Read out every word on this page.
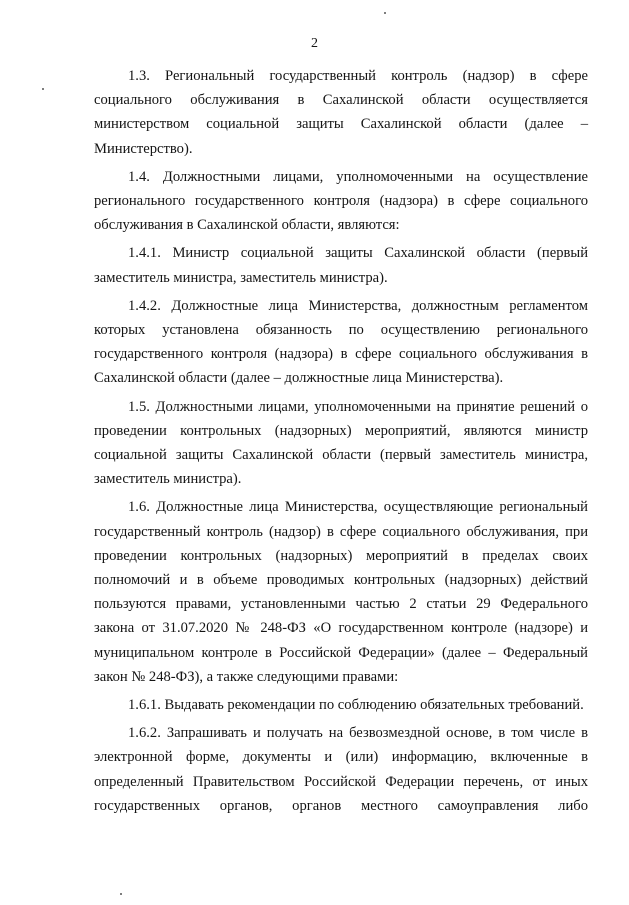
2

1.3. Региональный государственный контроль (надзор) в сфере социального обслуживания в Сахалинской области осуществляется министерством социальной защиты Сахалинской области (далее – Министерство).

1.4. Должностными лицами, уполномоченными на осуществление регионального государственного контроля (надзора) в сфере социального обслуживания в Сахалинской области, являются:

1.4.1. Министр социальной защиты Сахалинской области (первый заместитель министра, заместитель министра).

1.4.2. Должностные лица Министерства, должностным регламентом которых установлена обязанность по осуществлению регионального государственного контроля (надзора) в сфере социального обслуживания в Сахалинской области (далее – должностные лица Министерства).

1.5. Должностными лицами, уполномоченными на принятие решений о проведении контрольных (надзорных) мероприятий, являются министр социальной защиты Сахалинской области (первый заместитель министра, заместитель министра).

1.6. Должностные лица Министерства, осуществляющие региональный государственный контроль (надзор) в сфере социального обслуживания, при проведении контрольных (надзорных) мероприятий в пределах своих полномочий и в объеме проводимых контрольных (надзорных) действий пользуются правами, установленными частью 2 статьи 29 Федерального закона от 31.07.2020 № 248-ФЗ «О государственном контроле (надзоре) и муниципальном контроле в Российской Федерации» (далее – Федеральный закон № 248-ФЗ), а также следующими правами:

1.6.1. Выдавать рекомендации по соблюдению обязательных требований.

1.6.2. Запрашивать и получать на безвозмездной основе, в том числе в электронной форме, документы и (или) информацию, включенные в определенный Правительством Российской Федерации перечень, от иных государственных органов, органов местного самоуправления либо
